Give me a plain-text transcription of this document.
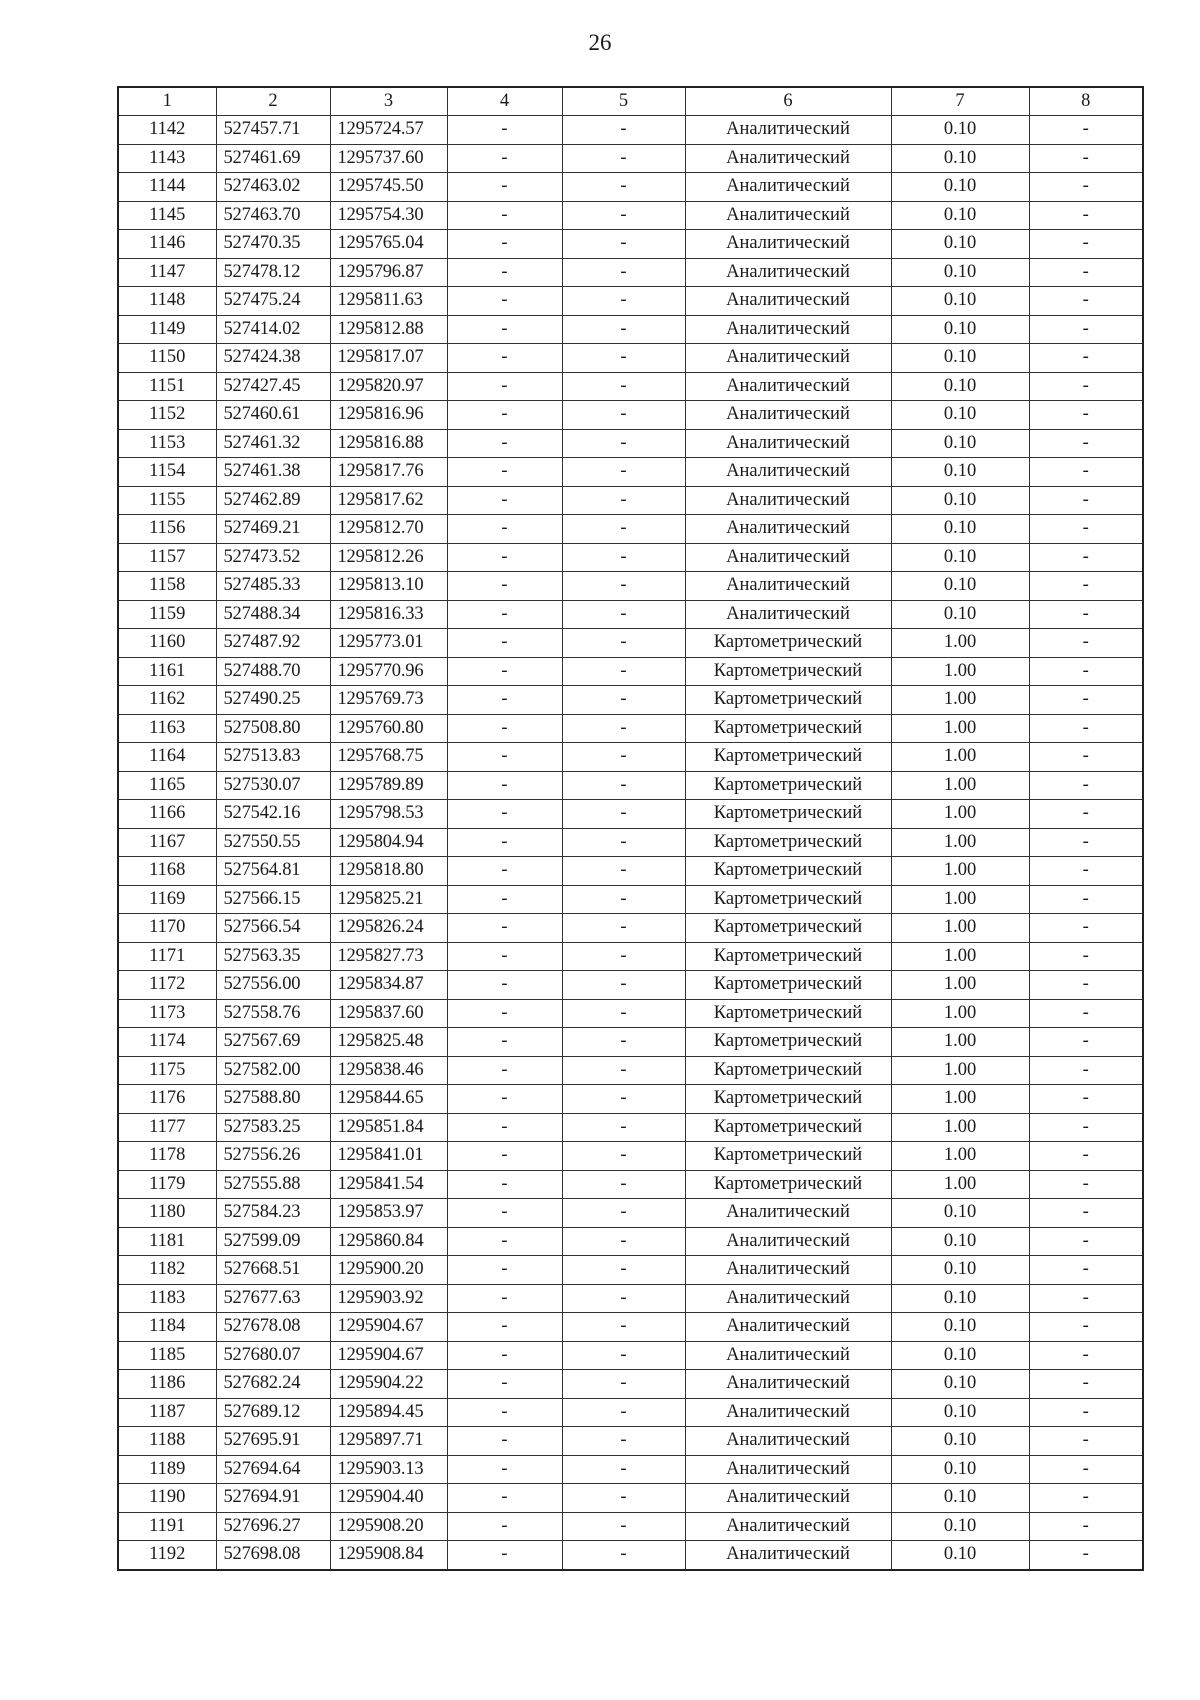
26
1	2	3	4	5	6	7	8
1142	527457.71	1295724.57	-	-	Аналитический	0.10	-
1143	527461.69	1295737.60	-	-	Аналитический	0.10	-
1144	527463.02	1295745.50	-	-	Аналитический	0.10	-
1145	527463.70	1295754.30	-	-	Аналитический	0.10	-
1146	527470.35	1295765.04	-	-	Аналитический	0.10	-
1147	527478.12	1295796.87	-	-	Аналитический	0.10	-
1148	527475.24	1295811.63	-	-	Аналитический	0.10	-
1149	527414.02	1295812.88	-	-	Аналитический	0.10	-
1150	527424.38	1295817.07	-	-	Аналитический	0.10	-
1151	527427.45	1295820.97	-	-	Аналитический	0.10	-
1152	527460.61	1295816.96	-	-	Аналитический	0.10	-
1153	527461.32	1295816.88	-	-	Аналитический	0.10	-
1154	527461.38	1295817.76	-	-	Аналитический	0.10	-
1155	527462.89	1295817.62	-	-	Аналитический	0.10	-
1156	527469.21	1295812.70	-	-	Аналитический	0.10	-
1157	527473.52	1295812.26	-	-	Аналитический	0.10	-
1158	527485.33	1295813.10	-	-	Аналитический	0.10	-
1159	527488.34	1295816.33	-	-	Аналитический	0.10	-
1160	527487.92	1295773.01	-	-	Картометрический	1.00	-
1161	527488.70	1295770.96	-	-	Картометрический	1.00	-
1162	527490.25	1295769.73	-	-	Картометрический	1.00	-
1163	527508.80	1295760.80	-	-	Картометрический	1.00	-
1164	527513.83	1295768.75	-	-	Картометрический	1.00	-
1165	527530.07	1295789.89	-	-	Картометрический	1.00	-
1166	527542.16	1295798.53	-	-	Картометрический	1.00	-
1167	527550.55	1295804.94	-	-	Картометрический	1.00	-
1168	527564.81	1295818.80	-	-	Картометрический	1.00	-
1169	527566.15	1295825.21	-	-	Картометрический	1.00	-
1170	527566.54	1295826.24	-	-	Картометрический	1.00	-
1171	527563.35	1295827.73	-	-	Картометрический	1.00	-
1172	527556.00	1295834.87	-	-	Картометрический	1.00	-
1173	527558.76	1295837.60	-	-	Картометрический	1.00	-
1174	527567.69	1295825.48	-	-	Картометрический	1.00	-
1175	527582.00	1295838.46	-	-	Картометрический	1.00	-
1176	527588.80	1295844.65	-	-	Картометрический	1.00	-
1177	527583.25	1295851.84	-	-	Картометрический	1.00	-
1178	527556.26	1295841.01	-	-	Картометрический	1.00	-
1179	527555.88	1295841.54	-	-	Картометрический	1.00	-
1180	527584.23	1295853.97	-	-	Аналитический	0.10	-
1181	527599.09	1295860.84	-	-	Аналитический	0.10	-
1182	527668.51	1295900.20	-	-	Аналитический	0.10	-
1183	527677.63	1295903.92	-	-	Аналитический	0.10	-
1184	527678.08	1295904.67	-	-	Аналитический	0.10	-
1185	527680.07	1295904.67	-	-	Аналитический	0.10	-
1186	527682.24	1295904.22	-	-	Аналитический	0.10	-
1187	527689.12	1295894.45	-	-	Аналитический	0.10	-
1188	527695.91	1295897.71	-	-	Аналитический	0.10	-
1189	527694.64	1295903.13	-	-	Аналитический	0.10	-
1190	527694.91	1295904.40	-	-	Аналитический	0.10	-
1191	527696.27	1295908.20	-	-	Аналитический	0.10	-
1192	527698.08	1295908.84	-	-	Аналитический	0.10	-
